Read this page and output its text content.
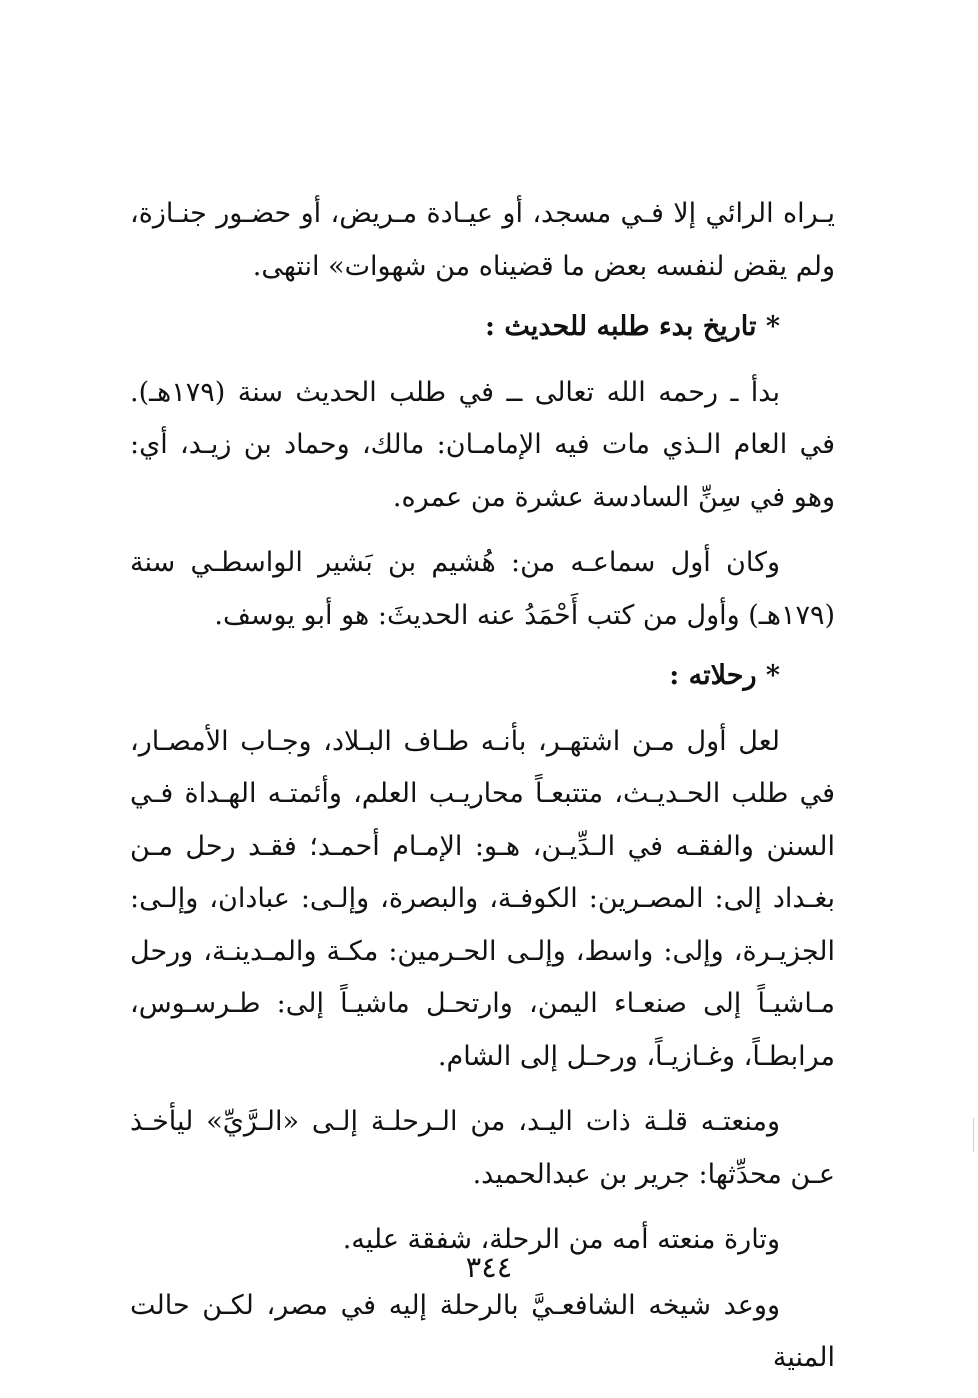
يـراه الرائي إلا فـي مسجد، أو عيـادة مـريض، أو حضـور جنـازة، ولم يقض لنفسه بعض ما قضيناه من شهوات» انتهى.

* تاريخ بدء طلبه للحديث :

بدأ ـ رحمه الله تعالى ــ في طلب الحديث سنة (١٧٩هـ). في العام الـذي مات فيه الإمامـان: مالك، وحماد بن زيـد، أي: وهو في سِنِّ السادسة عشرة من عمره.

وكان أول سماعـه من: هُشيم بن بَشير الواسطـي سنة (١٧٩هـ) وأول من كتب أَحْمَدُ عنه الحديثَ: هو أبو يوسف.

* رحلاته :

لعل أول مـن اشتهـر، بأنـه طـاف البـلاد، وجـاب الأمصـار، في طلب الحـديـث، متتبعـاً محاريـب العلم، وأئمتـه الهـداة فـي السنن والفقـه في الـدِّيـن، هـو: الإمـام أحمـد؛ فقـد رحل مـن بغـداد إلى: المصـرين: الكوفـة، والبصرة، وإلـى: عبادان، وإلـى: الجزيـرة، وإلى: واسط، وإلـى الحـرمين: مكـة والمـدينـة، ورحل مـاشيـاً إلى صنعـاء اليمن، وارتحـل ماشيـاً إلى: طـرسـوس، مرابطـاً، وغـازيـاً، ورحـل إلى الشام.

ومنعتـه قلـة ذات اليـد، من الـرحلـة إلـى «الـرَّيِّ» ليأخـذ عـن محدِّثها: جرير بن عبدالحميد.

وتارة منعته أمه من الرحلة، شفقة عليه.

ووعد شيخه الشافعـيَّ بالرحلة إليه في مصر، لكـن حالت المنية

٣٤٤
